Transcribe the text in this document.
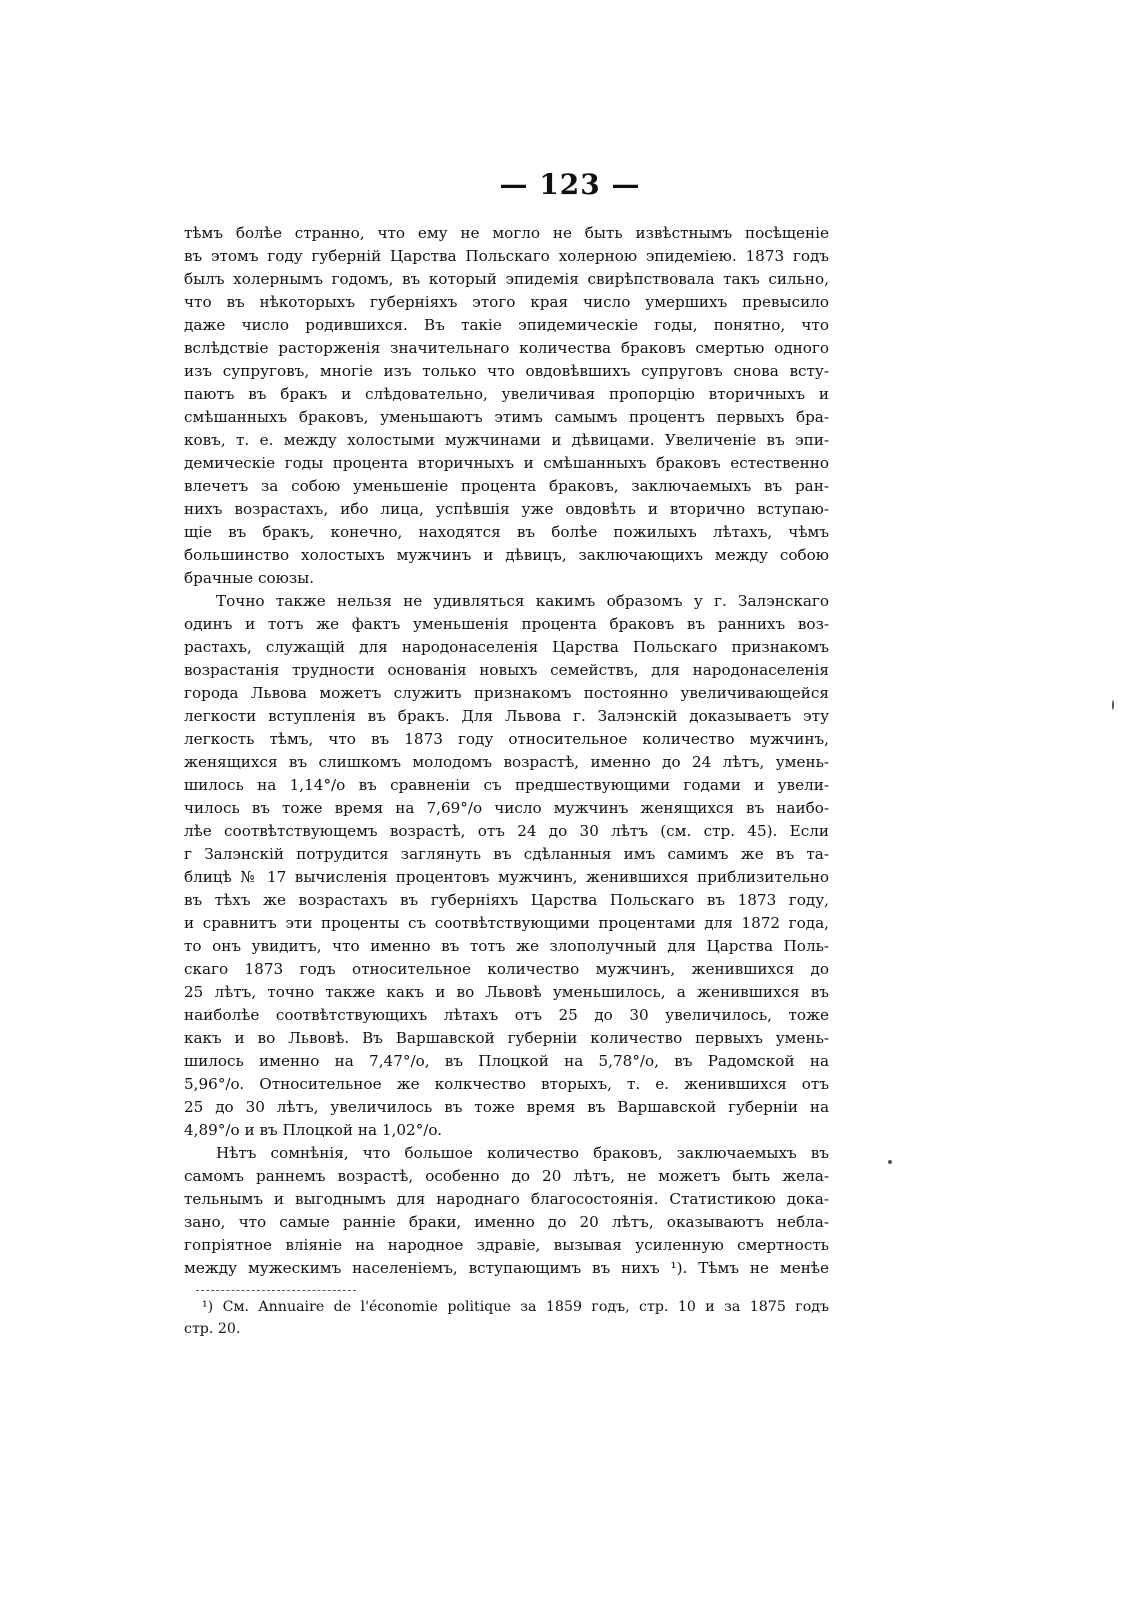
— 123 —
тѣмъ болѣе странно, что ему не могло не быть извѣстнымъ посѣщеніе
въ этомъ году губерній Царства Польскаго холерною эпидеміею. 1873 годъ
былъ холернымъ годомъ, въ который эпидемія свирѣпствовала такъ сильно,
что въ нѣкоторыхъ губерніяхъ этого края число умершихъ превысило
даже число родившихся. Въ такіе эпидемическіе годы, понятно, что
вслѣдствіе расторженія значительнаго количества браковъ смертью одного
изъ супруговъ, многіе изъ только что овдовѣвшихъ супруговъ снова всту-
паютъ въ бракъ и слѣдовательно, увеличивая пропорцію вторичныхъ и
смѣшанныхъ браковъ, уменьшаютъ этимъ самымъ процентъ первыхъ бра-
ковъ, т. е. между холостыми мужчинами и дѣвицами. Увеличеніе въ эпи-
демическіе годы процента вторичныхъ и смѣшанныхъ браковъ естественно
влечетъ за собою уменьшеніе процента браковъ, заключаемыхъ въ ран-
нихъ возрастахъ, ибо лица, успѣвшія уже овдовѣть и вторично вступаю-
щіе въ бракъ, конечно, находятся въ болѣе пожилыхъ лѣтахъ, чѣмъ
большинство холостыхъ мужчинъ и дѣвицъ, заключающихъ между собою
брачные союзы.
Точно также нельзя не удивляться какимъ образомъ у г. Залэнскаго
одинъ и тотъ же фактъ уменьшенія процента браковъ въ раннихъ воз-
растахъ, служащій для народонаселенія Царства Польскаго признакомъ
возрастанія трудности основанія новыхъ семействъ, для народонаселенія
города Львова можетъ служить признакомъ постоянно увеличивающейся
легкости вступленія въ бракъ. Для Львова г. Залэнскій доказываетъ эту
легкость тѣмъ, что въ 1873 году относительное количество мужчинъ,
женящихся въ слишкомъ молодомъ возрастѣ, именно до 24 лѣтъ, умень-
шилось на 1,14°/o въ сравненіи съ предшествующими годами и увели-
чилось въ тоже время на 7,69°/o число мужчинъ женящихся въ наибо-
лѣе соотвѣтствующемъ возрастѣ, отъ 24 до 30 лѣтъ (см. стр. 45). Если
г Залэнскій потрудится заглянуть въ сдѣланныя имъ самимъ же въ та-
блицѣ № 17 вычисленія процентовъ мужчинъ, женившихся приблизительно
въ тѣхъ же возрастахъ въ губерніяхъ Царства Польскаго въ 1873 году,
и сравнитъ эти проценты съ соотвѣтствующими процентами для 1872 года,
то онъ увидитъ, что именно въ тотъ же злополучный для Царства Поль-
скаго 1873 годъ относительное количество мужчинъ, женившихся до
25 лѣтъ, точно также какъ и во Львовѣ уменьшилось, а женившихся въ
наиболѣе соотвѣтствующихъ лѣтахъ отъ 25 до 30 увеличилось, тоже
какъ и во Львовѣ. Въ Варшавской губерніи количество первыхъ умень-
шилось именно на 7,47°/o, въ Плоцкой на 5,78°/o, въ Радомской на
5,96°/o. Относительное же колкчество вторыхъ, т. е. женившихся отъ
25 до 30 лѣтъ, увеличилось въ тоже время въ Варшавской губерніи на
4,89°/o и въ Плоцкой на 1,02°/o.
Нѣтъ сомнѣнія, что большое количество браковъ, заключаемыхъ въ
самомъ раннемъ возрастѣ, особенно до 20 лѣтъ, не можетъ быть жела-
тельнымъ и выгоднымъ для народнаго благосостоянія. Статистикою дока-
зано, что самые ранніе браки, именно до 20 лѣтъ, оказываютъ небла-
гопріятное вліяніе на народное здравіе, вызывая усиленную смертность
между мужескимъ населеніемъ, вступающимъ въ нихъ ¹). Тѣмъ не менѣе
¹) См. Annuaire de l'économie politique за 1859 годъ, стр. 10 и за 1875 годъ
стр. 20.
